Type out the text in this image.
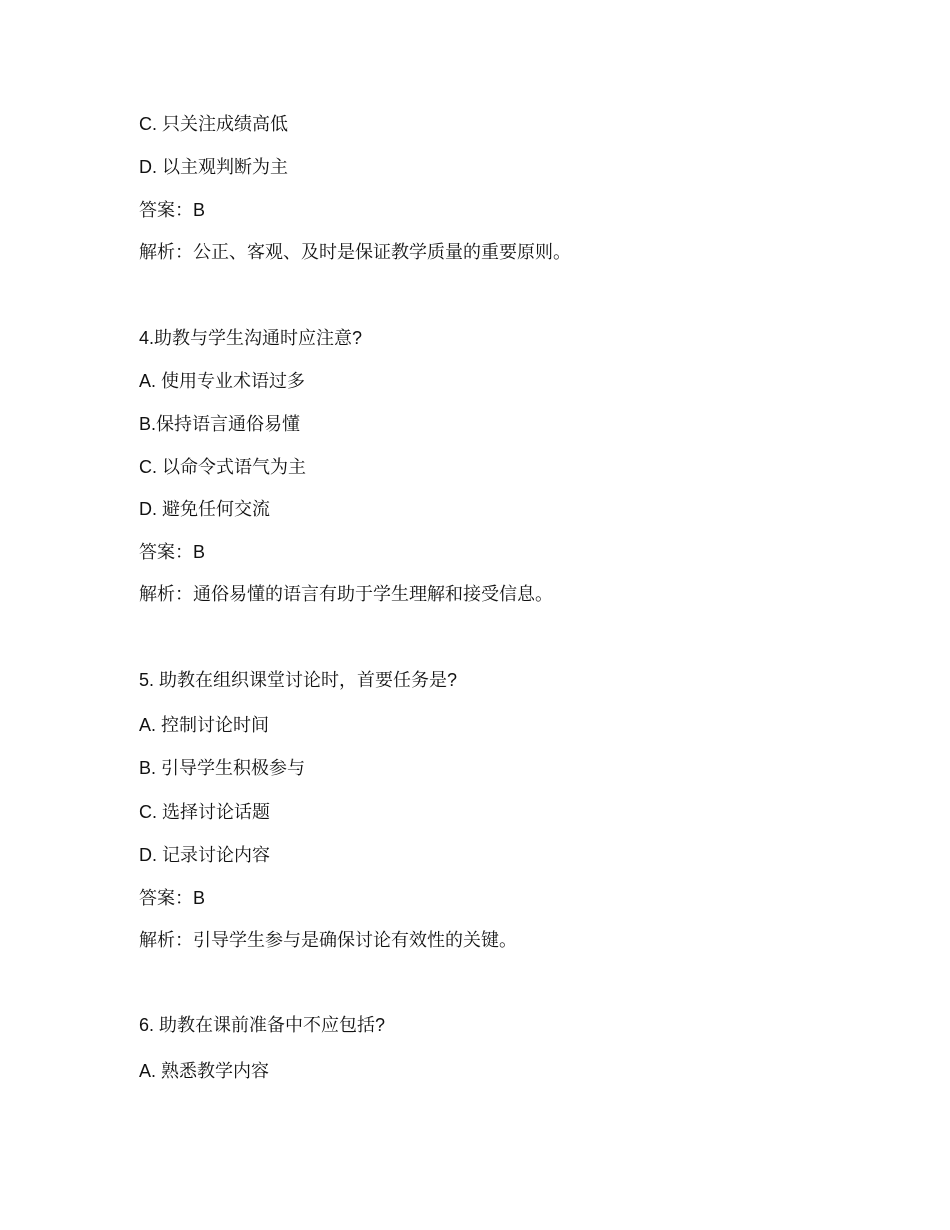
C. 只关注成绩高低
D. 以主观判断为主
答案：B
解析：公正、客观、及时是保证教学质量的重要原则。
4.助教与学生沟通时应注意?
A. 使用专业术语过多
B.保持语言通俗易懂
C. 以命令式语气为主
D. 避免任何交流
答案：B
解析：通俗易懂的语言有助于学生理解和接受信息。
5. 助教在组织课堂讨论时，首要任务是?
A. 控制讨论时间
B. 引导学生积极参与
C. 选择讨论话题
D. 记录讨论内容
答案：B
解析：引导学生参与是确保讨论有效性的关键。
6. 助教在课前准备中不应包括?
A. 熟悉教学内容
